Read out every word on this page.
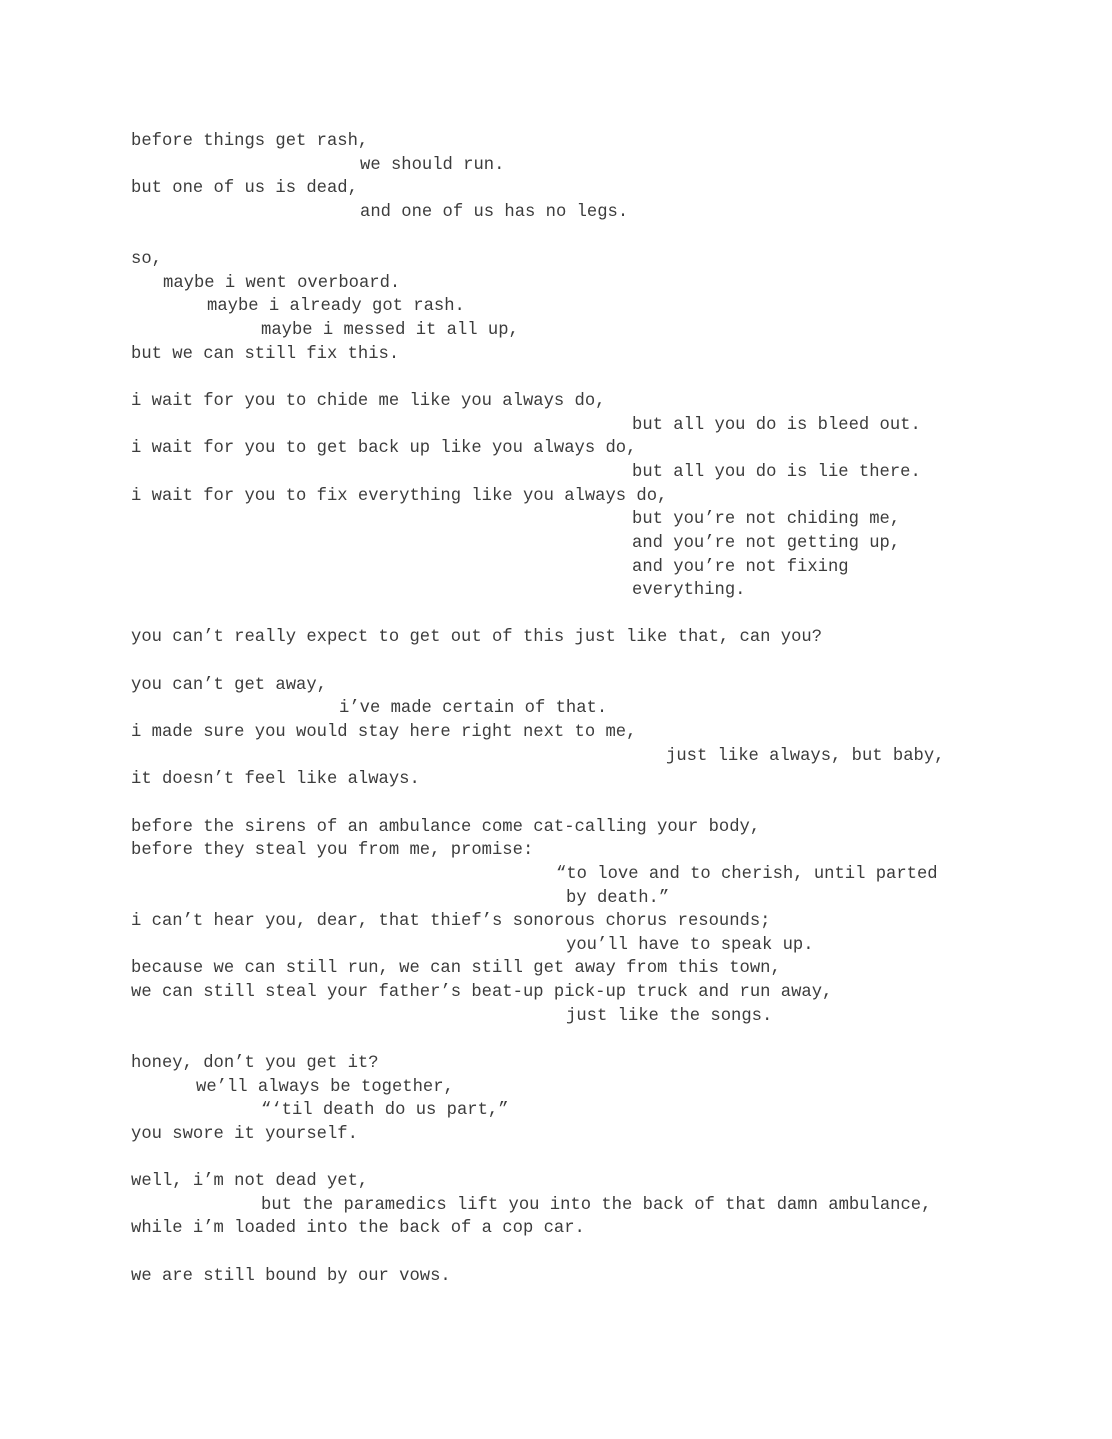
before things get rash,
we should run.
but one of us is dead,
and one of us has no legs.
so,
maybe i went overboard.
maybe i already got rash.
maybe i messed it all up,
but we can still fix this.
i wait for you to chide me like you always do,
but all you do is bleed out.
i wait for you to get back up like you always do,
but all you do is lie there.
i wait for you to fix everything like you always do,
but you’re not chiding me,
and you’re not getting up,
and you’re not fixing
everything.
you can’t really expect to get out of this just like that, can you?
you can’t get away,
i’ve made certain of that.
i made sure you would stay here right next to me,
just like always, but baby,
it doesn’t feel like always.
before the sirens of an ambulance come cat-calling your body,
before they steal you from me, promise:
“to love and to cherish, until parted
by death.”
i can’t hear you, dear, that thief’s sonorous chorus resounds;
you’ll have to speak up.
because we can still run, we can still get away from this town,
we can still steal your father’s beat-up pick-up truck and run away,
just like the songs.
honey, don’t you get it?
we’ll always be together,
“‘til death do us part,”
you swore it yourself.
well, i’m not dead yet,
but the paramedics lift you into the back of that damn ambulance,
while i’m loaded into the back of a cop car.
we are still bound by our vows.
